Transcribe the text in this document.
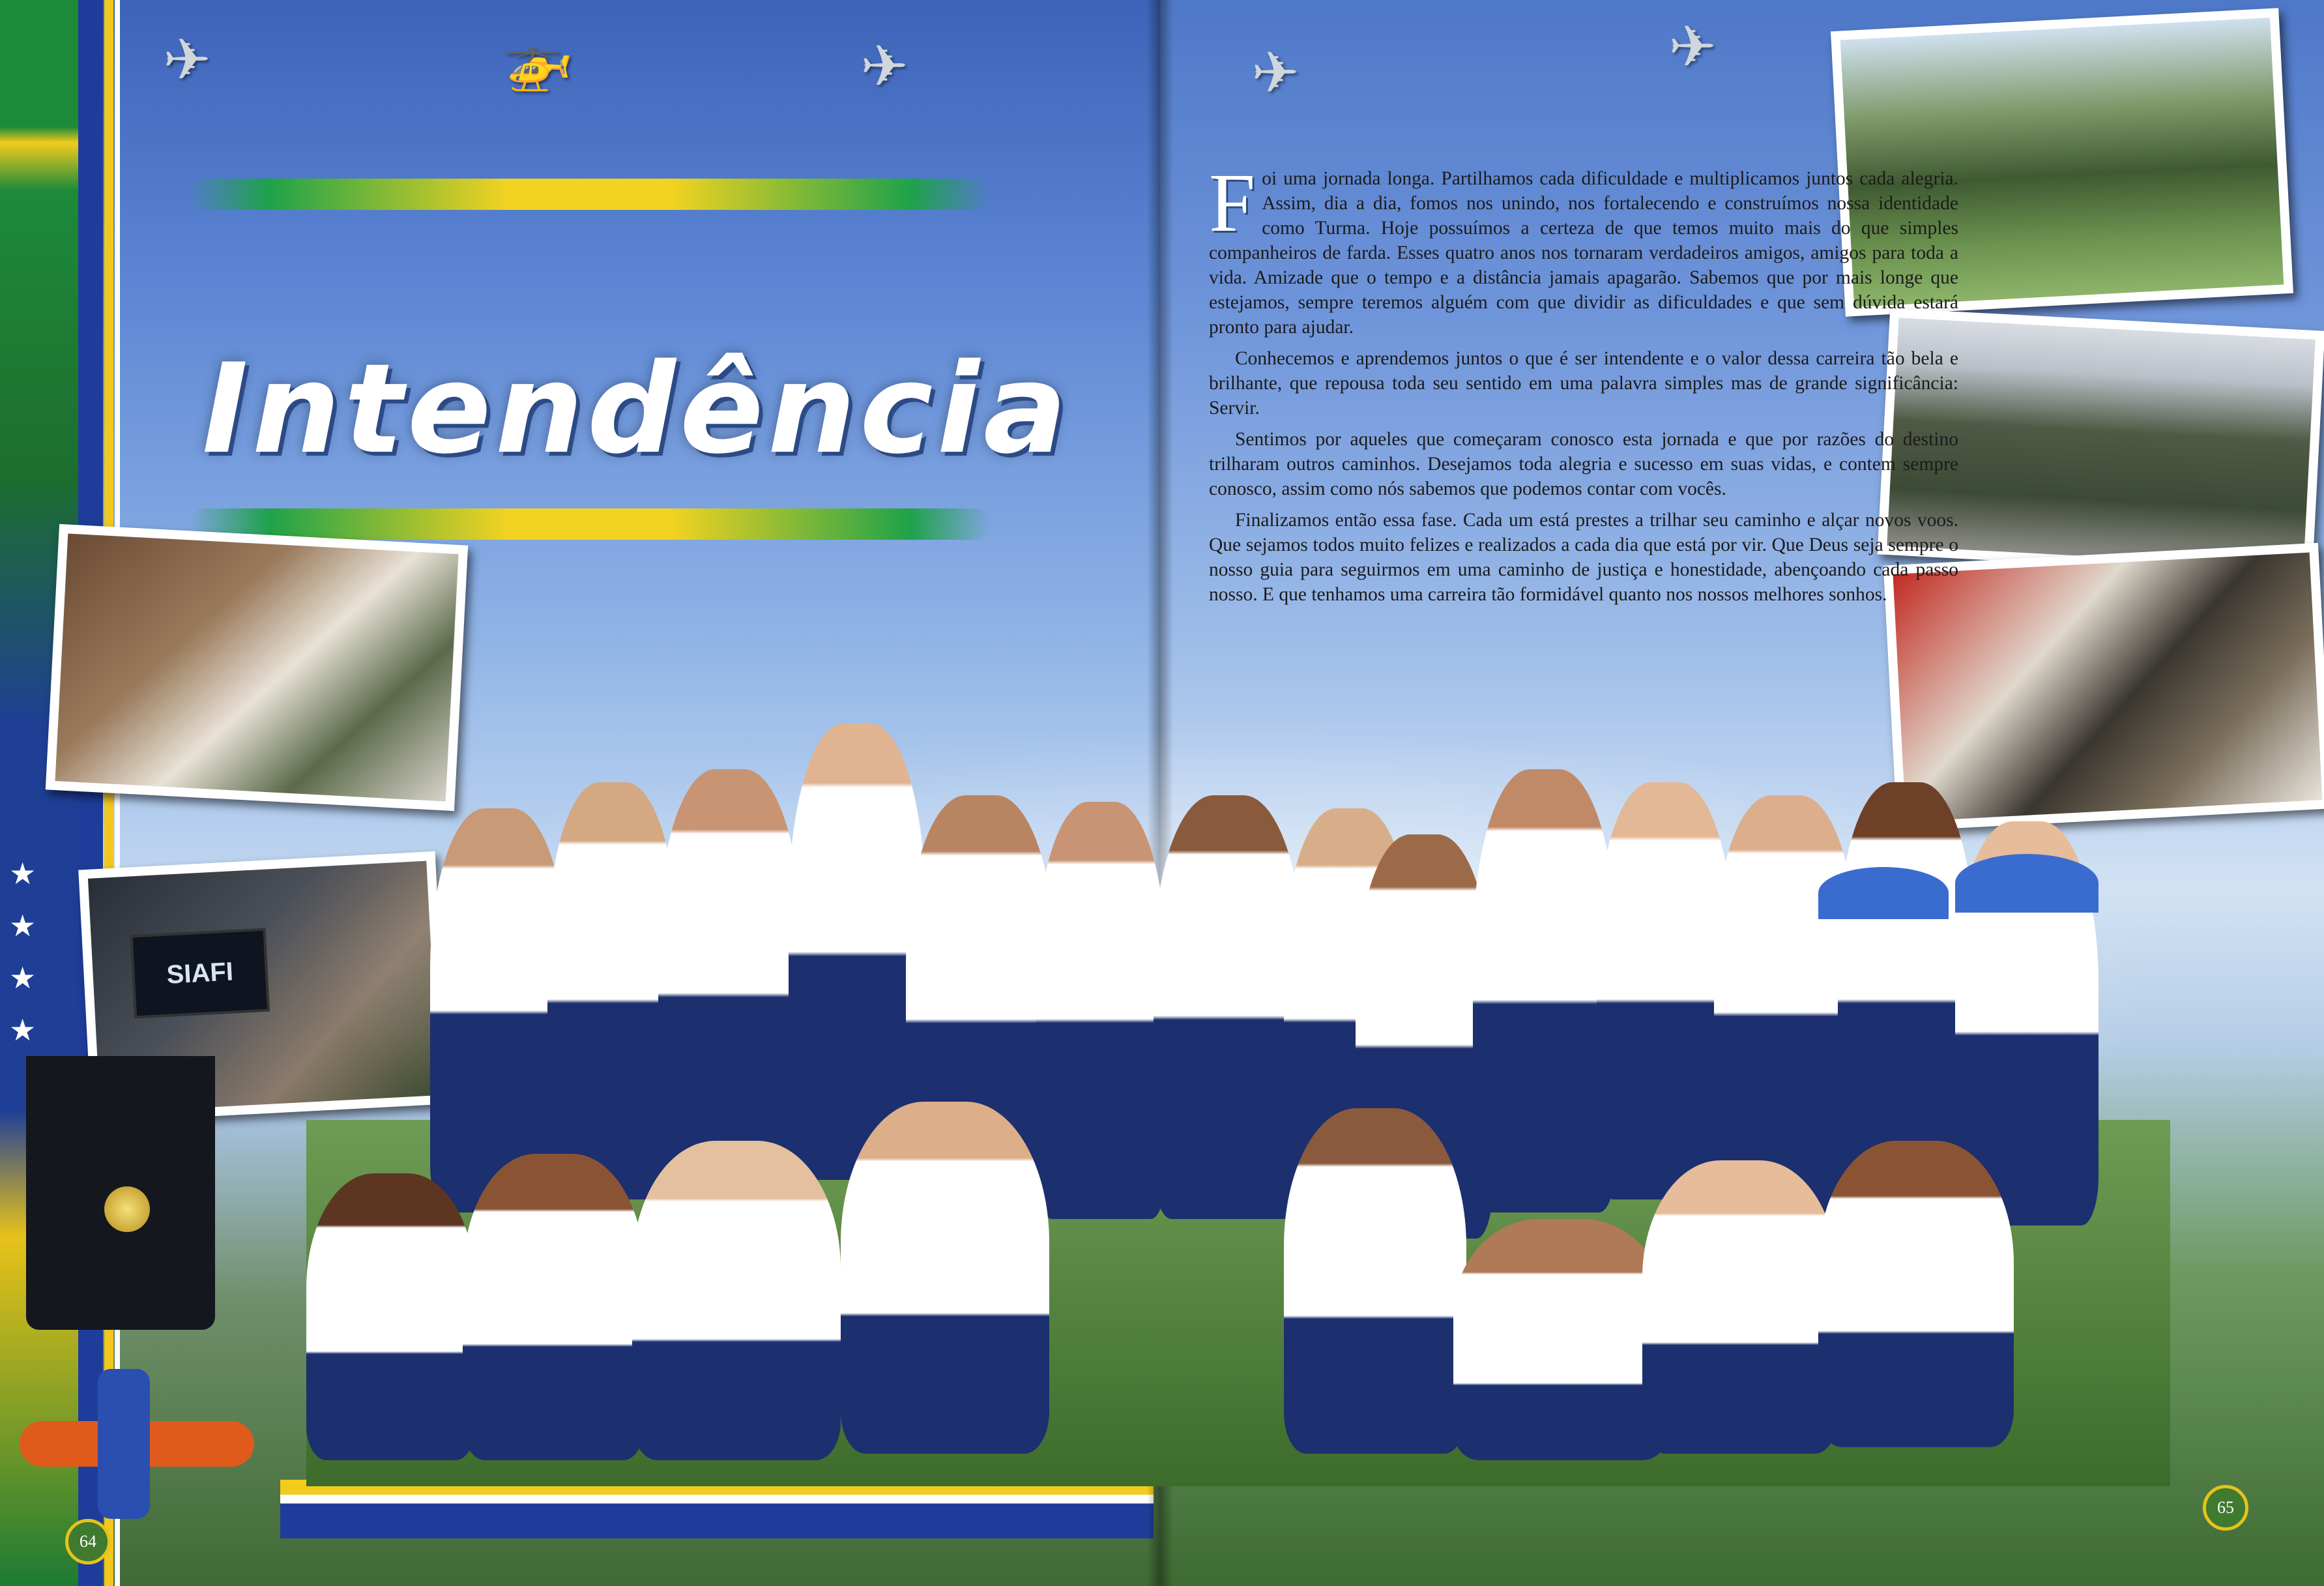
★
★
★
★
✈	🚁	✈
Intendência
SIAFI
64
✈	✈
65

Foi uma jornada longa. Partilhamos cada dificuldade e multiplicamos juntos cada alegria. Assim, dia a dia, fomos nos unindo, nos fortalecendo e construímos nossa identidade como Turma. Hoje possuímos a certeza de que temos muito mais do que simples companheiros de farda. Esses quatro anos nos tornaram verdadeiros amigos, amigos para toda a vida. Amizade que o tempo e a distância jamais apagarão. Sabemos que por mais longe que estejamos, sempre teremos alguém com que dividir as dificuldades e que sem dúvida estará pronto para ajudar.

Conhecemos e aprendemos juntos o que é ser intendente e o valor dessa carreira tão bela e brilhante, que repousa toda seu sentido em uma palavra simples mas de grande significância: Servir.

Sentimos por aqueles que começaram conosco esta jornada e que por razões do destino trilharam outros caminhos. Desejamos toda alegria e sucesso em suas vidas, e contem sempre conosco, assim como nós sabemos que podemos contar com vocês.

Finalizamos então essa fase. Cada um está prestes a trilhar seu caminho e alçar novos voos. Que sejamos todos muito felizes e realizados a cada dia que está por vir. Que Deus seja sempre o nosso guia para seguirmos em uma caminho de justiça e honestidade, abençoando cada passo nosso. E que tenhamos uma carreira tão formidável quanto nos nossos melhores sonhos.
